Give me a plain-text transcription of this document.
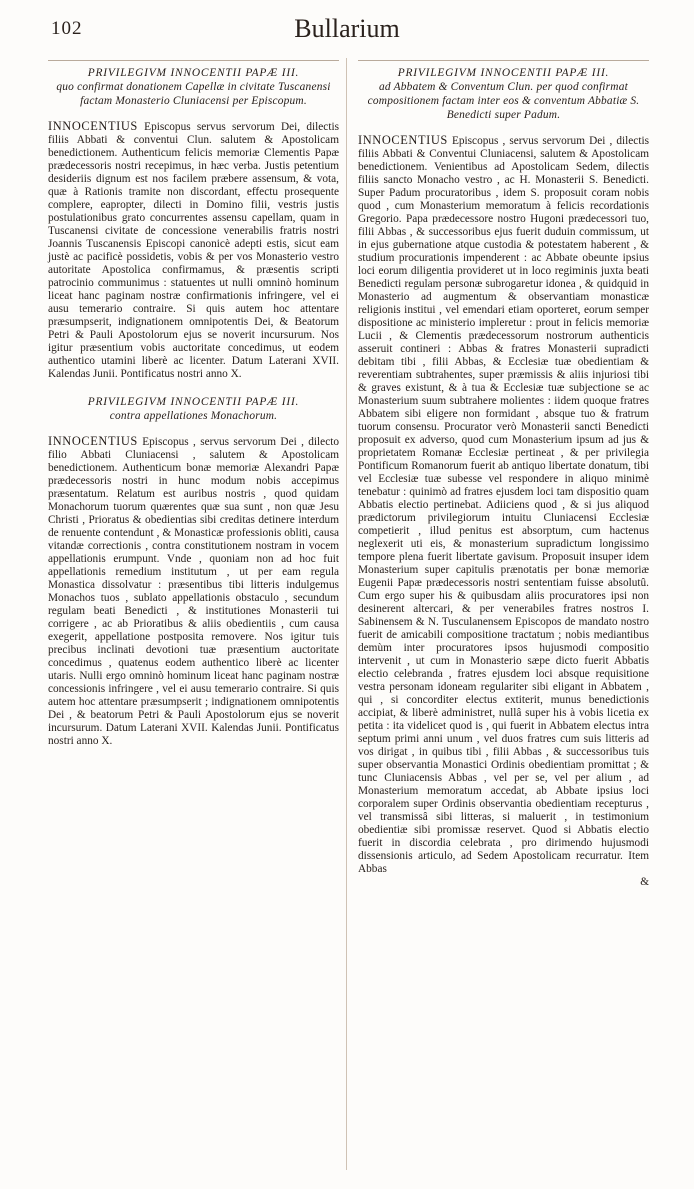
102	Bullarium
PRIVILEGIVM INNOCENTII PAPÆ III.
quo confirmat donationem Capellæ in civitate Tuscanensi factam Monasterio Cluniacensi per Episcopum.

INNOCENTIUS Episcopus servus servorum Dei, dilectis filiis Abbati & conventui Clun. salutem & Apostolicam benedictionem. Authenticum felicis memoriæ Clementis Papæ prædecessoris nostri recepimus, in hæc verba. Justis petentium desideriis dignum est nos facilem præbere assensum, & vota, quæ à Rationis tramite non discordant, effectu prosequente complere, eapropter, dilecti in Domino filii, vestris justis postulationibus grato concurrentes assensu capellam, quam in Tuscanensi civitate de concessione venerabilis fratris nostri Joannis Tuscanensis Episcopi canonicè adepti estis, sicut eam justè ac pacificè possidetis, vobis & per vos Monasterio vestro autoritate Apostolica confirmamus, & præsentis scripti patrocinio communimus : statuentes ut nulli omninò hominum liceat hanc paginam nostræ confirmationis infringere, vel ei ausu temerario contraire. Si quis autem hoc attentare præsumpserit, indignationem omnipotentis Dei, & Beatorum Petri & Pauli Apostolorum ejus se noverit incursurum. Nos igitur præsentium vobis auctoritate concedimus, ut eodem authentico utamini liberè ac licenter. Datum Laterani XVII. Kalendas Junii. Pontificatus nostri anno X.

PRIVILEGIVM INNOCENTII PAPÆ III.
contra appellationes Monachorum.

INNOCENTIUS Episcopus , servus servorum Dei , dilecto filio Abbati Cluniacensi , salutem & Apostolicam benedictionem. Authenticum bonæ memoriæ Alexandri Papæ prædecessoris nostri in hunc modum nobis accepimus præsentatum. Relatum est auribus nostris , quod quidam Monachorum tuorum quærentes quæ sua sunt , non quæ Jesu Christi , Prioratus & obedientias sibi creditas detinere interdum de renuente contendunt , & Monasticæ professionis obliti, causa vitandæ correctionis , contra constitutionem nostram in vocem appellationis erumpunt. Vnde , quoniam non ad hoc fuit appellationis remedium institutum , ut per eam regula Monastica dissolvatur : præsentibus tibi litteris indulgemus Monachos tuos , sublato appellationis obstaculo , secundum regulam beati Benedicti , & institutiones Monasterii tui corrigere , ac ab Prioratibus & aliis obedientiis , cum causa exegerit, appellatione postposita removere. Nos igitur tuis precibus inclinati devotioni tuæ præsentium auctoritate concedimus , quatenus eodem authentico liberè ac licenter utaris. Nulli ergo omninò hominum liceat hanc paginam nostræ concessionis infringere , vel ei ausu temerario contraire. Si quis autem hoc attentare præsumpserit ; indignationem omnipotentis Dei , & beatorum Petri & Pauli Apostolorum ejus se noverit incursurum. Datum Laterani XVII. Kalendas Junii. Pontificatus nostri anno X.

PRIVILEGIVM INNOCENTII PAPÆ III.
ad Abbatem & Conventum Clun. per quod confirmat compositionem factam inter eos & conventum Abbatiæ S. Benedicti super Padum.

INNOCENTIUS Episcopus , servus servorum Dei , dilectis filiis Abbati & Conventui Cluniacensi, salutem & Apostolicam benedictionem. Venientibus ad Apostolicam Sedem, dilectis filiis sancto Monacho vestro , ac H. Monasterii S. Benedicti. Super Padum procuratoribus , idem S. proposuit coram nobis quod , cum Monasterium memoratum à felicis recordationis Gregorio. Papa prædecessore nostro Hugoni prædecessori tuo, filii Abbas , & successoribus ejus fuerit duduin commissum, ut in ejus gubernatione atque custodia & potestatem haberent , & studium procurationis impenderent : ac Abbate obeunte ipsius loci eorum diligentia provideret ut in loco regiminis juxta beati Benedicti regulam personæ subrogaretur idonea , & quidquid in Monasterio ad augmentum & observantiam monasticæ religionis institui , vel emendari etiam oporteret, eorum semper dispositione ac ministerio impleretur : prout in felicis memoriæ Lucii , & Clementis prædecessorum nostrorum authenticis asseruit contineri : Abbas & fratres Monasterii supradicti debitam tibi , filii Abbas, & Ecclesiæ tuæ obedientiam & reverentiam subtrahentes, super præmissis & aliis injuriosi tibi & graves existunt, & à tua & Ecclesiæ tuæ subjectione se ac Monasterium suum subtrahere molientes : iidem quoque fratres Abbatem sibi eligere non formidant , absque tuo & fratrum tuorum consensu. Procurator verò Monasterii sancti Benedicti proposuit ex adverso, quod cum Monasterium ipsum ad jus & proprietatem Romanæ Ecclesiæ pertineat , & per privilegia Pontificum Romanorum fuerit ab antiquo libertate donatum, tibi vel Ecclesiæ tuæ subesse vel respondere in aliquo minimè tenebatur : quinimò ad fratres ejusdem loci tam dispositio quam Abbatis electio pertinebat. Adiiciens quod , & si jus aliquod prædictorum privilegiorum intuitu Cluniacensi Ecclesiæ competierit , illud penitus est absorptum, cum hactenus neglexerit uti eis, & monasterium supradictum longissimo tempore plena fuerit libertate gavisum. Proposuit insuper idem Monasterium super capitulis prænotatis per bonæ memoriæ Eugenii Papæ prædecessoris nostri sententiam fuisse absolutû. Cum ergo super his & quibusdam aliis procuratores ipsi non desinerent altercari, & per venerabiles fratres nostros I. Sabinensem & N. Tusculanensem Episcopos de mandato nostro fuerit de amicabili compositione tractatum ; nobis mediantibus demùm inter procuratores ipsos hujusmodi compositio intervenit , ut cum in Monasterio sæpe dicto fuerit Abbatis electio celebranda , fratres ejusdem loci absque requisitione vestra personam idoneam regulariter sibi eligant in Abbatem , qui , si concorditer electus extiterit, munus benedictionis accipiat, & liberè administret, nullâ super his à vobis licetia ex petita : ita videlicet quod is , qui fuerit in Abbatem electus intra septum primi anni unum , vel duos fratres cum suis litteris ad vos dirigat , in quibus tibi , filii Abbas , & successoribus tuis super observantia Monastici Ordinis obedientiam promittat ; & tunc Cluniacensis Abbas , vel per se, vel per alium , ad Monasterium memoratum accedat, ab Abbate ipsius loci corporalem super Ordinis observantia obedientiam recepturus , vel transmissâ sibi litteras, si maluerit , in testimonium obedientiæ sibi promissæ reservet. Quod si Abbatis electio fuerit in discordia celebrata , pro dirimendo hujusmodi dissensionis articulo, ad Sedem Apostolicam recurratur. Item Abbas

&
